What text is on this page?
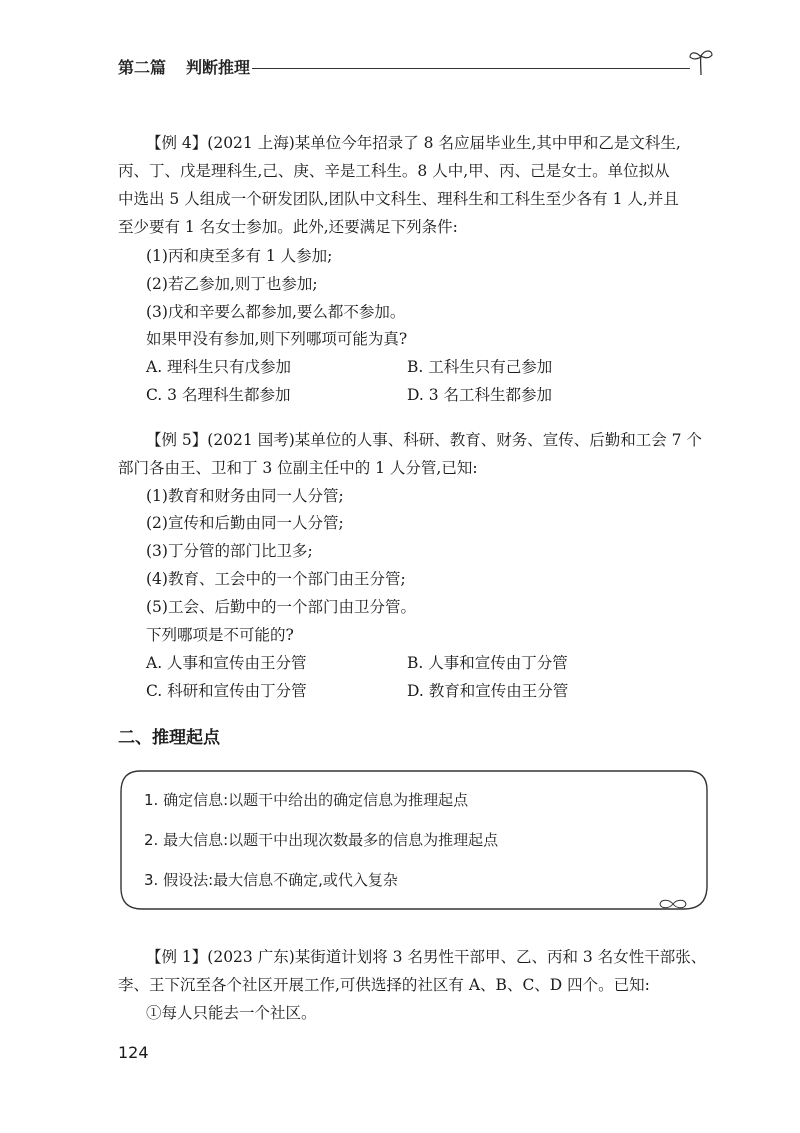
第二篇 判断推理
【例 4】(2021 上海)某单位今年招录了 8 名应届毕业生,其中甲和乙是文科生,
丙、丁、戊是理科生,己、庚、辛是工科生。8 人中,甲、丙、己是女士。单位拟从
中选出 5 人组成一个研发团队,团队中文科生、理科生和工科生至少各有 1 人,并且
至少要有 1 名女士参加。此外,还要满足下列条件:
(1)丙和庚至多有 1 人参加;
(2)若乙参加,则丁也参加;
(3)戊和辛要么都参加,要么都不参加。
如果甲没有参加,则下列哪项可能为真?
A. 理科生只有戊参加	B. 工科生只有己参加
C. 3 名理科生都参加	D. 3 名工科生都参加
【例 5】(2021 国考)某单位的人事、科研、教育、财务、宣传、后勤和工会 7 个
部门各由王、卫和丁 3 位副主任中的 1 人分管,已知:
(1)教育和财务由同一人分管;
(2)宣传和后勤由同一人分管;
(3)丁分管的部门比卫多;
(4)教育、工会中的一个部门由王分管;
(5)工会、后勤中的一个部门由卫分管。
下列哪项是不可能的?
A. 人事和宣传由王分管	B. 人事和宣传由丁分管
C. 科研和宣传由丁分管	D. 教育和宣传由王分管
二、推理起点
1. 确定信息:以题干中给出的确定信息为推理起点
2. 最大信息:以题干中出现次数最多的信息为推理起点
3. 假设法:最大信息不确定,或代入复杂
【例 1】(2023 广东)某街道计划将 3 名男性干部甲、乙、丙和 3 名女性干部张、
李、王下沉至各个社区开展工作,可供选择的社区有 A、B、C、D 四个。已知:
①每人只能去一个社区。
124
